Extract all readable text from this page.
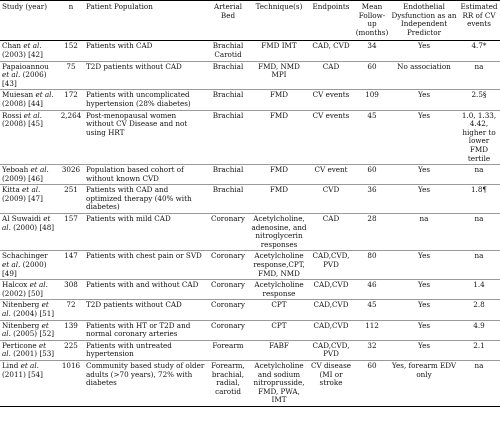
Study (year)	n	Patient Population	Arterial Bed	Technique(s)	Endpoints	Mean Follow-up (months)	Endothelial Dysfunction as an Independent Predictor	Estimated RR of CV events
Chan et al. (2003) [42]	152	Patients with CAD	Brachial Carotid	FMD IMT	CAD, CVD	34	Yes	4.7*
Papaioannou et al. (2006) [43]	75	T2D patients without CAD	Brachial	FMD, NMD MPI	CAD	60	No association	na
Muiesan et al. (2008) [44]	172	Patients with uncomplicated hypertension (28% diabetes)	Brachial	FMD	CV events	109	Yes	2.5§
Rossi et al. (2008) [45]	2,264	Post-menopausal women without CV Disease and not using HRT	Brachial	FMD	CV events	45	Yes	1.0, 1.33, 4.42, higher to lower FMD tertile
Yeboah et al. (2009) [46]	3026	Population based cohort of without known CVD	Brachial	FMD	CV event	60	Yes	na
Kitta et al. (2009) [47]	251	Patients with CAD and optimized therapy (40% with diabetes)	Brachial	FMD	CVD	36	Yes	1.8¶
Al Suwaidi et al. (2000) [48]	157	Patients with mild CAD	Coronary	Acetylcholine, adenosine, and nitroglycerin responses	CAD	28	na	na
Schachinger et al. (2000) [49]	147	Patients with chest pain or SVD	Coronary	Acetylcholine response,CPT, FMD, NMD	CAD,CVD, PVD	80	Yes	na
Halcox et al. (2002) [50]	308	Patients with and without CAD	Coronary	Acetylcholine response	CAD,CVD	46	Yes	1.4
Nitenberg et al. (2004) [51]	72	T2D patients without CAD	Coronary	CPT	CAD,CVD	45	Yes	2.8
Nitenberg et al. (2005) [52]	139	Patients with HT or T2D and normal coronary arteries	Coronary	CPT	CAD,CVD	112	Yes	4.9
Perticone et al. (2001) [53]	225	Patients with untreated hypertension	Forearm	FABF	CAD,CVD, PVD	32	Yes	2.1
Lind et al. (2011) [54]	1016	Community based study of older adults (>70 years), 72% with diabetes	Forearm, brachial, radial, carotid	Acetylcholine and sodium nitroprusside, FMD, PWA, IMT	CV disease (MI or stroke	60	Yes, forearm EDV only	na
